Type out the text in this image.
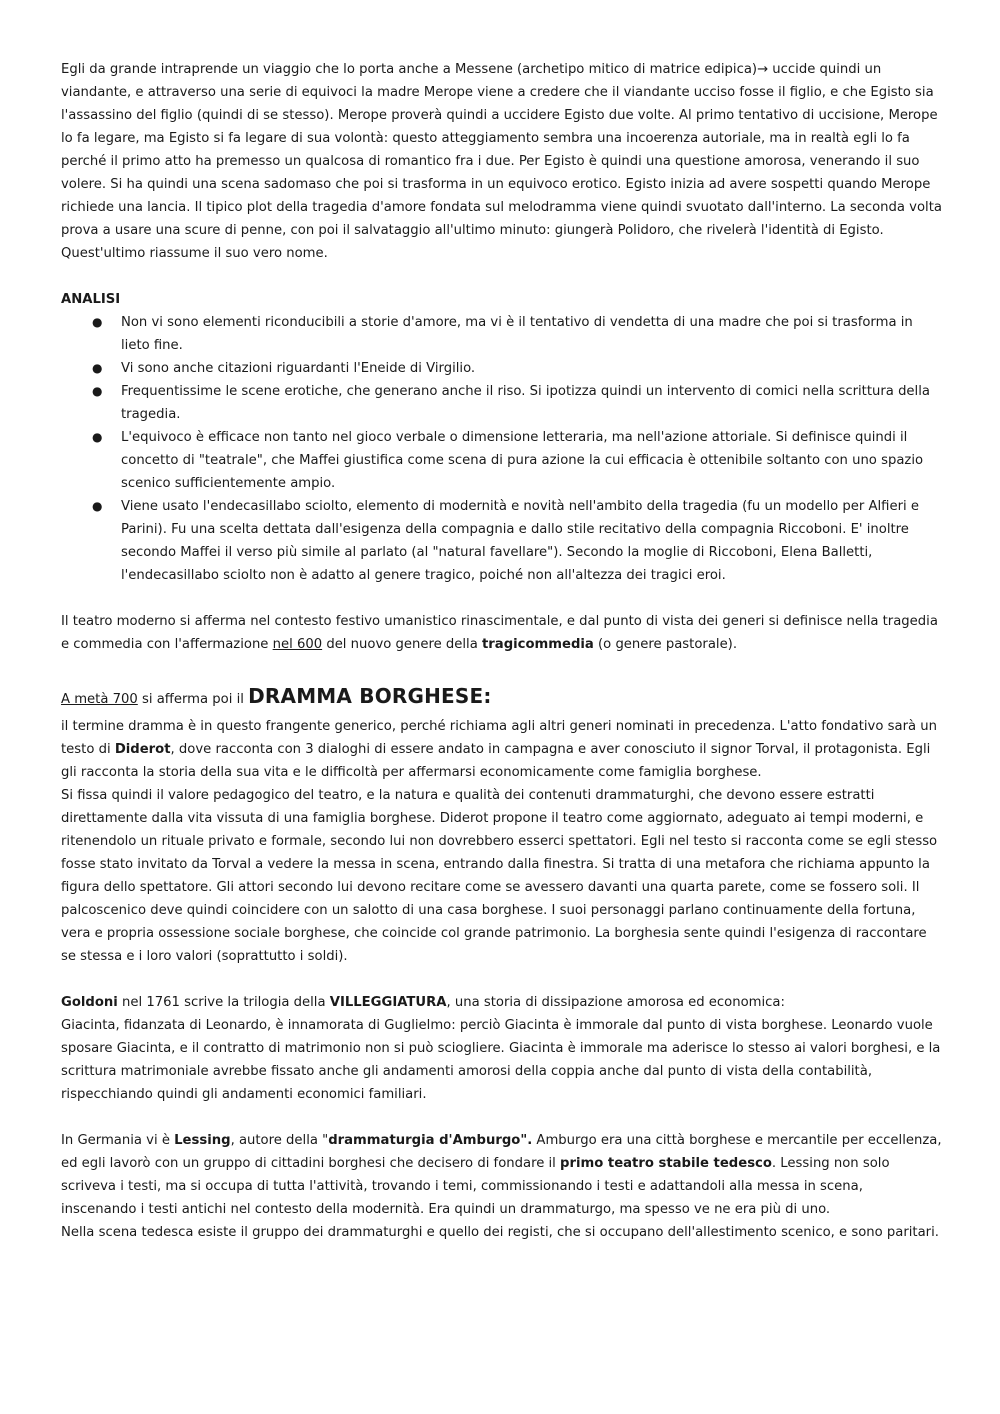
Egli da grande intraprende un viaggio che lo porta anche a Messene (archetipo mitico di matrice edipica)→ uccide quindi un viandante, e attraverso una serie di equivoci la madre Merope viene a credere che il viandante ucciso fosse il figlio, e che Egisto sia l'assassino del figlio (quindi di se stesso). Merope proverà quindi a uccidere Egisto due volte. Al primo tentativo di uccisione, Merope lo fa legare, ma Egisto si fa legare di sua volontà: questo atteggiamento sembra una incoerenza autoriale, ma in realtà egli lo fa perché il primo atto ha premesso un qualcosa di romantico fra i due. Per Egisto è quindi una questione amorosa, venerando il suo volere. Si ha quindi una scena sadomaso che poi si trasforma in un equivoco erotico. Egisto inizia ad avere sospetti quando Merope richiede una lancia. Il tipico plot della tragedia d'amore fondata sul melodramma viene quindi svuotato dall'interno. La seconda volta prova a usare una scure di penne, con poi il salvataggio all'ultimo minuto: giungerà Polidoro, che rivelerà l'identità di Egisto. Quest'ultimo riassume il suo vero nome.

ANALISI

● Non vi sono elementi riconducibili a storie d'amore, ma vi è il tentativo di vendetta di una madre che poi si trasforma in lieto fine.
● Vi sono anche citazioni riguardanti l'Eneide di Virgilio.
● Frequentissime le scene erotiche, che generano anche il riso. Si ipotizza quindi un intervento di comici nella scrittura della tragedia.
● L'equivoco è efficace non tanto nel gioco verbale o dimensione letteraria, ma nell'azione attoriale. Si definisce quindi il concetto di "teatrale", che Maffei giustifica come scena di pura azione la cui efficacia è ottenibile soltanto con uno spazio scenico sufficientemente ampio.
● Viene usato l'endecasillabo sciolto, elemento di modernità e novità nell'ambito della tragedia (fu un modello per Alfieri e Parini). Fu una scelta dettata dall'esigenza della compagnia e dallo stile recitativo della compagnia Riccoboni. E' inoltre secondo Maffei il verso più simile al parlato (al "natural favellare"). Secondo la moglie di Riccoboni, Elena Balletti, l'endecasillabo sciolto non è adatto al genere tragico, poiché non all'altezza dei tragici eroi.

Il teatro moderno si afferma nel contesto festivo umanistico rinascimentale, e dal punto di vista dei generi si definisce nella tragedia e commedia con l'affermazione nel 600 del nuovo genere della tragicommedia (o genere pastorale).

A metà 700 si afferma poi il DRAMMA BORGHESE:

il termine dramma è in questo frangente generico, perché richiama agli altri generi nominati in precedenza. L'atto fondativo sarà un testo di Diderot, dove racconta con 3 dialoghi di essere andato in campagna e aver conosciuto il signor Torval, il protagonista. Egli gli racconta la storia della sua vita e le difficoltà per affermarsi economicamente come famiglia borghese.

Si fissa quindi il valore pedagogico del teatro, e la natura e qualità dei contenuti drammaturghi, che devono essere estratti direttamente dalla vita vissuta di una famiglia borghese. Diderot propone il teatro come aggiornato, adeguato ai tempi moderni, e ritenendolo un rituale privato e formale, secondo lui non dovrebbero esserci spettatori. Egli nel testo si racconta come se egli stesso fosse stato invitato da Torval a vedere la messa in scena, entrando dalla finestra. Si tratta di una metafora che richiama appunto la figura dello spettatore. Gli attori secondo lui devono recitare come se avessero davanti una quarta parete, come se fossero soli. Il palcoscenico deve quindi coincidere con un salotto di una casa borghese. I suoi personaggi parlano continuamente della fortuna, vera e propria ossessione sociale borghese, che coincide col grande patrimonio. La borghesia sente quindi l'esigenza di raccontare se stessa e i loro valori (soprattutto i soldi).

Goldoni nel 1761 scrive la trilogia della VILLEGGIATURA, una storia di dissipazione amorosa ed economica:

Giacinta, fidanzata di Leonardo, è innamorata di Guglielmo: perciò Giacinta è immorale dal punto di vista borghese. Leonardo vuole sposare Giacinta, e il contratto di matrimonio non si può sciogliere. Giacinta è immorale ma aderisce lo stesso ai valori borghesi, e la scrittura matrimoniale avrebbe fissato anche gli andamenti amorosi della coppia anche dal punto di vista della contabilità, rispecchiando quindi gli andamenti economici familiari.

In Germania vi è Lessing, autore della "drammaturgia d'Amburgo". Amburgo era una città borghese e mercantile per eccellenza, ed egli lavorò con un gruppo di cittadini borghesi che decisero di fondare il primo teatro stabile tedesco. Lessing non solo scriveva i testi, ma si occupa di tutta l'attività, trovando i temi, commissionando i testi e adattandoli alla messa in scena, inscenando i testi antichi nel contesto della modernità. Era quindi un drammaturgo, ma spesso ve ne era più di uno.

Nella scena tedesca esiste il gruppo dei drammaturghi e quello dei registi, che si occupano dell'allestimento scenico, e sono paritari.
